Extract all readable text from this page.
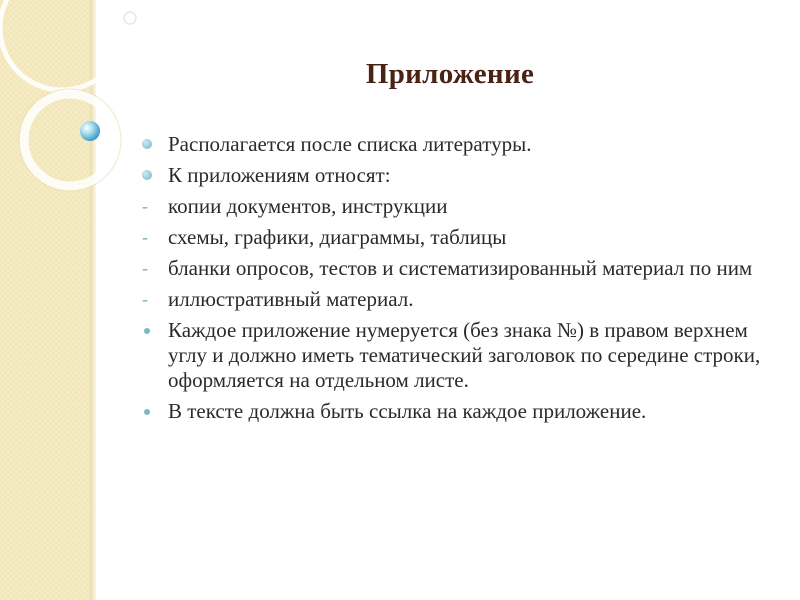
Приложение
Располагается после списка литературы.
К приложениям относят:
- копии документов, инструкции
- схемы, графики, диаграммы, таблицы
- бланки опросов, тестов и систематизированный материал по ним
- иллюстративный материал.
Каждое приложение нумеруется (без знака №) в правом верхнем углу и должно иметь тематический заголовок по середине строки, оформляется на отдельном листе.
В тексте должна быть ссылка на каждое приложение.
